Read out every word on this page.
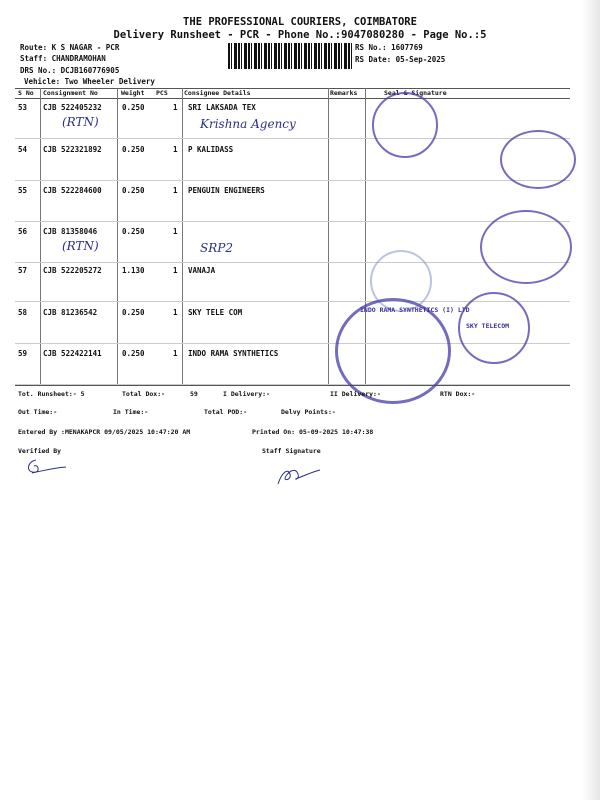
THE PROFESSIONAL COURIERS, COIMBATORE
Delivery Runsheet - PCR - Phone No.:9047080280 - Page No.:5
Route: K S NAGAR - PCR
Staff: CHANDRAMOHAN
DRS No.: DCJB160776905
Vehicle: Two Wheeler Delivery
RS No.: 1607769
RS Date: 05-Sep-2025
S No Consignment No	Weight PCS	Consignee Details	Remarks	Seal & Signature
53 CJB 522405232	0.250	1 SRI LAKSADA TEX
(RTN)	Krishna Agency
54 CJB 522321892	0.250	1 P KALIDASS
55 CJB 522284600	0.250	1 PENGUIN ENGINEERS
56 CJB 81358046	0.250	1
(RTN)	SRP2
57 CJB 522205272	1.130	1 VANAJA
58 CJB 81236542	0.250	1 SKY TELE COM
59 CJB 522422141	0.250	1 INDO RAMA SYNTHETICS
INDO RAMA SYNTHETICS (I) LTD
SKY TELECOM
Tot. Runsheet:- 5	Total Dox:-	59	I Delivery:-	II Delivery:-	RTN Dox:-
Out Time:-	In Time:-	Total POD:-	Delvy Points:-
Entered By :MENAKAPCR 09/05/2025 10:47:20 AM	Printed On: 05-09-2025 10:47:38
Verified By	Staff Signature
